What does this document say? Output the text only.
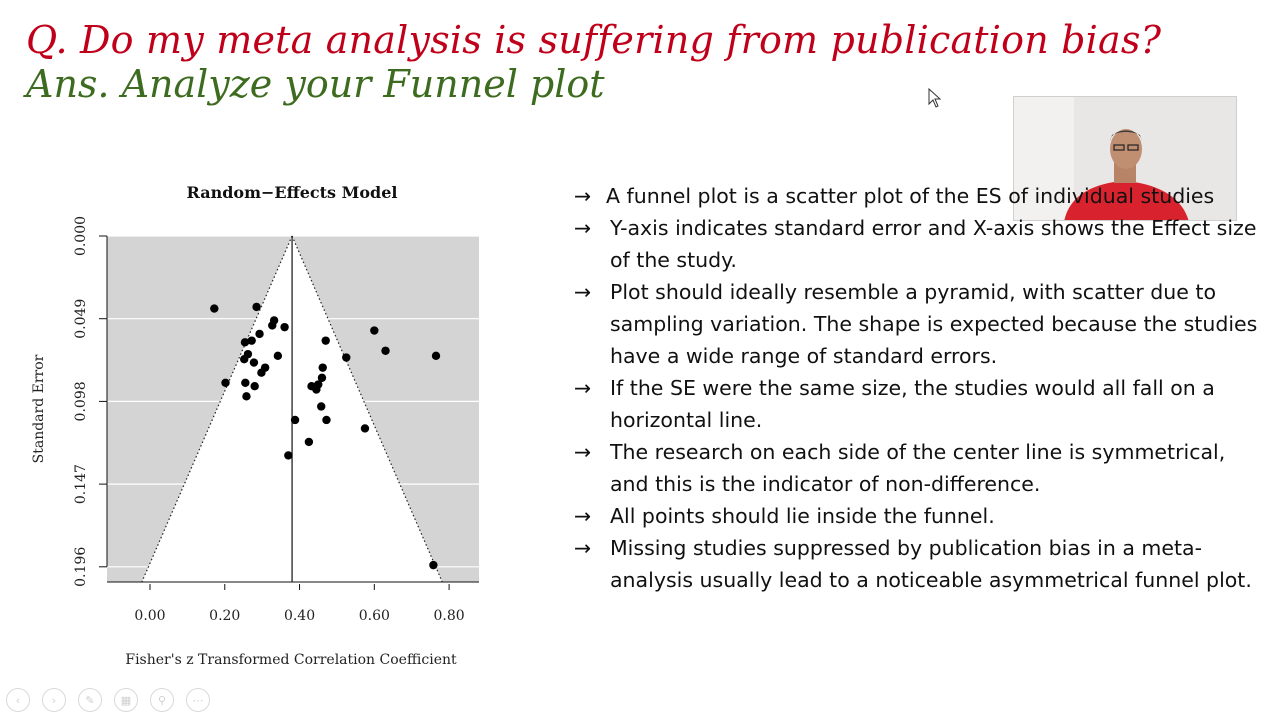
Q. Do my meta analysis is suffering from publication bias?
Ans. Analyze your Funnel plot
0.00	0.20	0.40	0.60	0.80
0.000
0.049
0.098
0.147
0.196
Random−Effects Model
Fisher's z Transformed Correlation Coefficient
Standard Error
→ A funnel plot is a scatter plot of the ES of individual studies
→ Y-axis indicates standard error and X-axis shows the Effect size of the study.
→ Plot should ideally resemble a pyramid, with scatter due to sampling variation. The shape is expected because the studies have a wide range of standard errors.
→ If the SE were the same size, the studies would all fall on a horizontal line.
→ The research on each side of the center line is symmetrical, and this is the indicator of non-difference.
→ All points should lie inside the funnel.
→ Missing studies suppressed by publication bias in a meta-analysis usually lead to a noticeable asymmetrical funnel plot.
‹	›	✎	▦	⚲	⋯
